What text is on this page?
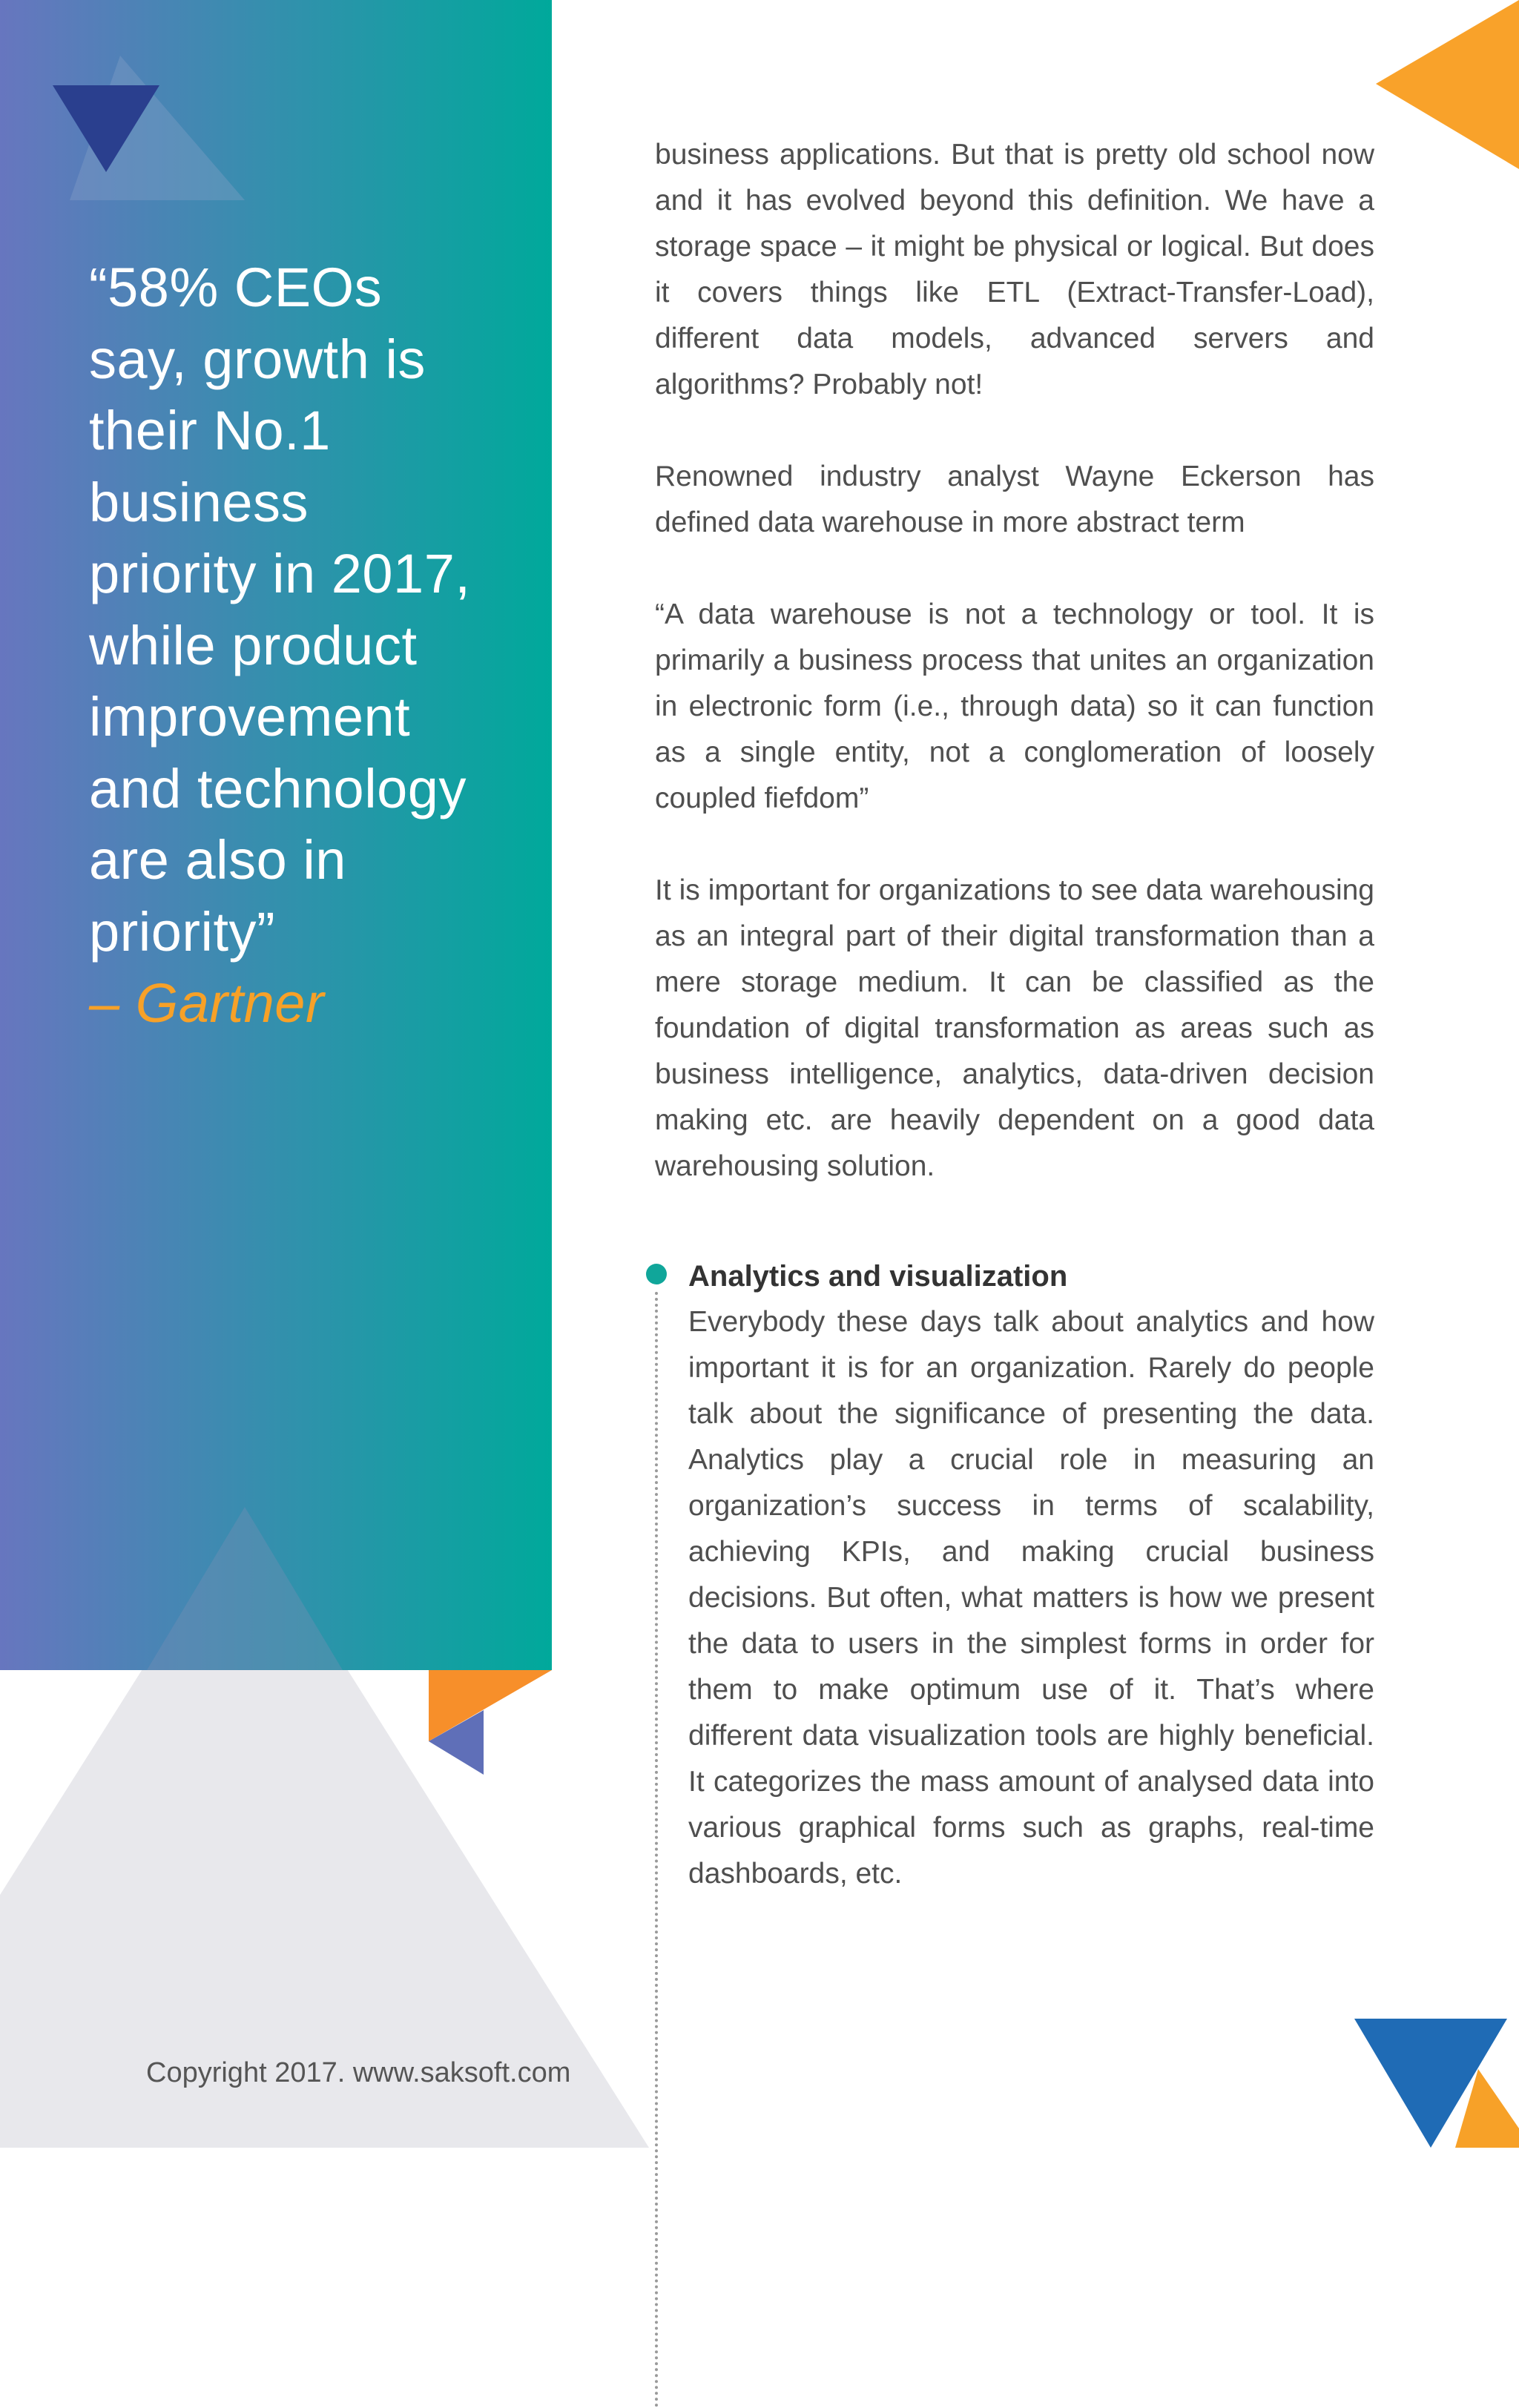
“58% CEOs say, growth is their No.1 business priority in 2017, while product improvement and technology are also in priority”
– Gartner

business applications. But that is pretty old school now and it has evolved beyond this definition. We have a storage space – it might be physical or logical. But does it covers things like ETL (Extract-Transfer-Load), different data models, advanced servers and algorithms? Probably not!

Renowned industry analyst Wayne Eckerson has defined data warehouse in more abstract term

“A data warehouse is not a technology or tool. It is primarily a business process that unites an organization in electronic form (i.e., through data) so it can function as a single entity, not a conglomeration of loosely coupled fiefdom”

It is important for organizations to see data warehousing as an integral part of their digital transformation than a mere storage medium. It can be classified as the foundation of digital transformation as areas such as business intelligence, analytics, data-driven decision making etc. are heavily dependent on a good data warehousing solution.

Analytics and visualization
Everybody these days talk about analytics and how important it is for an organization. Rarely do people talk about the significance of presenting the data. Analytics play a crucial role in measuring an organization’s success in terms of scalability, achieving KPIs, and making crucial business decisions. But often, what matters is how we present the data to users in the simplest forms in order for them to make optimum use of it. That’s where different data visualization tools are highly beneficial. It categorizes the mass amount of analysed data into various graphical forms such as graphs, real-time dashboards, etc.
Copyright 2017. www.saksoft.com
